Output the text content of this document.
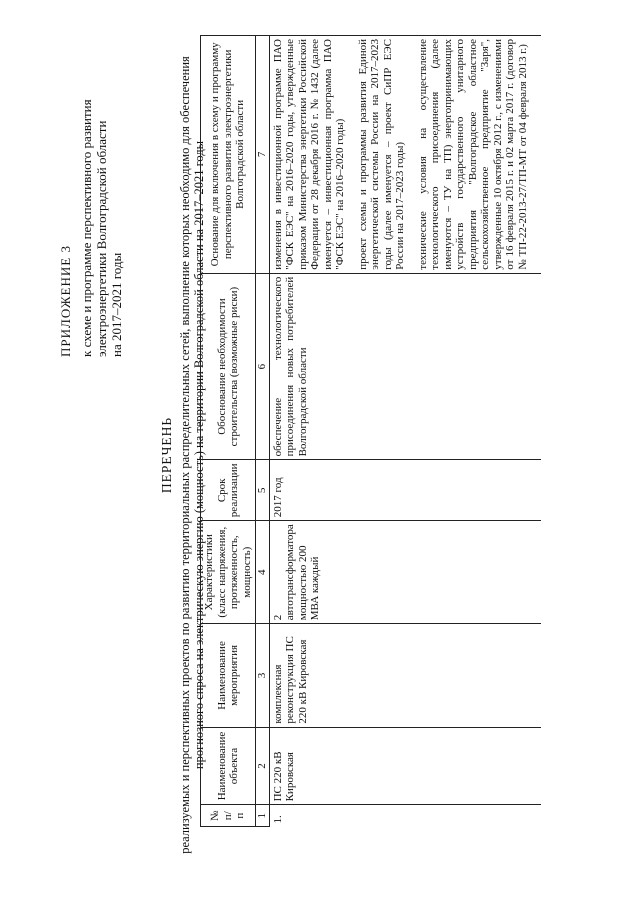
ПРИЛОЖЕНИЕ 3 к схеме и программе перспективного развития электроэнергетики Волгоградской области на 2017–2021 годы
ПЕРЕЧЕНЬ реализуемых и перспективных проектов по развитию территориальных распределительных сетей, выполнение которых необходимо для обеспечения прогнозного спроса на электрическую энергию (мощность) на территории Волгоградской области на 2017–2021 годы
№ п/п	Наименование объекта	Наименование мероприятия	Характеристики (класс напряжения, протяженность, мощность)	Срок реализации	Обоснование необходимости строительства (возможные риски)	Основание для включения в схему и программу перспективного развития электроэнергетики Волгоградской области
1	2	3	4	5	6	7
1.	ПС 220 кВ Кировская	комплексная реконструкция ПС 220 кВ Кировская	2 автотрансформатора мощностью 200 МВА каждый	2017 год	обеспечение технологического присоединения новых потребителей Волгоградской области	изменения в инвестиционной программе ПАО "ФСК ЕЭС" на 2016–2020 годы, утвержденные приказом Министерства энергетики Российской Федерации от 28 декабря 2016 г. № 1432 (далее именуется – инвестиционная программа ПАО "ФСК ЕЭС" на 2016–2020 годы) проект схемы и программы развития Единой энергетической системы России на 2017–2023 годы (далее именуется – проект СиПР ЕЭС России на 2017–2023 годы) технические условия на осуществление технологического присоединения (далее именуются – ТУ на ТП) энергопринимающих устройств государственного унитарного предприятия "Волгоградское областное сельскохозяйственное предприятие "Заря", утвержденные 10 октября 2012 г., с изменениями от 16 февраля 2015 г. и 02 марта 2017 г. (договор № ТП-22-2013-27/ТП-МТ от 04 февраля 2013 г.)
